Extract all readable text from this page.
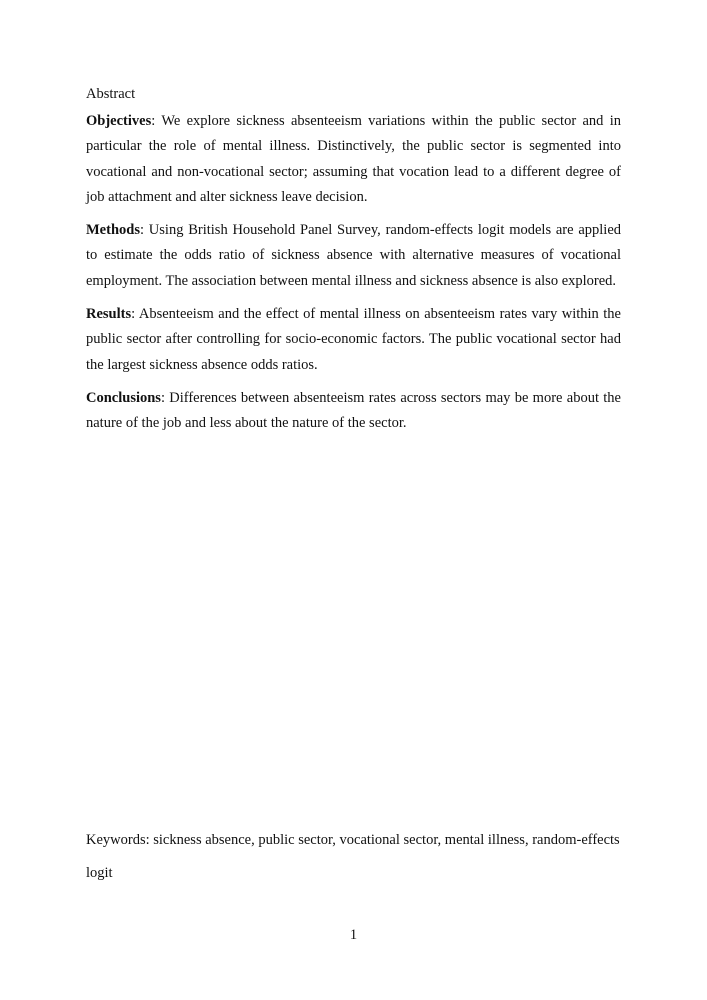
Abstract

Objectives: We explore sickness absenteeism variations within the public sector and in particular the role of mental illness. Distinctively, the public sector is segmented into vocational and non-vocational sector; assuming that vocation lead to a different degree of job attachment and alter sickness leave decision.

Methods: Using British Household Panel Survey, random-effects logit models are applied to estimate the odds ratio of sickness absence with alternative measures of vocational employment. The association between mental illness and sickness absence is also explored.

Results: Absenteeism and the effect of mental illness on absenteeism rates vary within the public sector after controlling for socio-economic factors. The public vocational sector had the largest sickness absence odds ratios.

Conclusions: Differences between absenteeism rates across sectors may be more about the nature of the job and less about the nature of the sector.

Keywords: sickness absence, public sector, vocational sector, mental illness, random-effects logit

1
